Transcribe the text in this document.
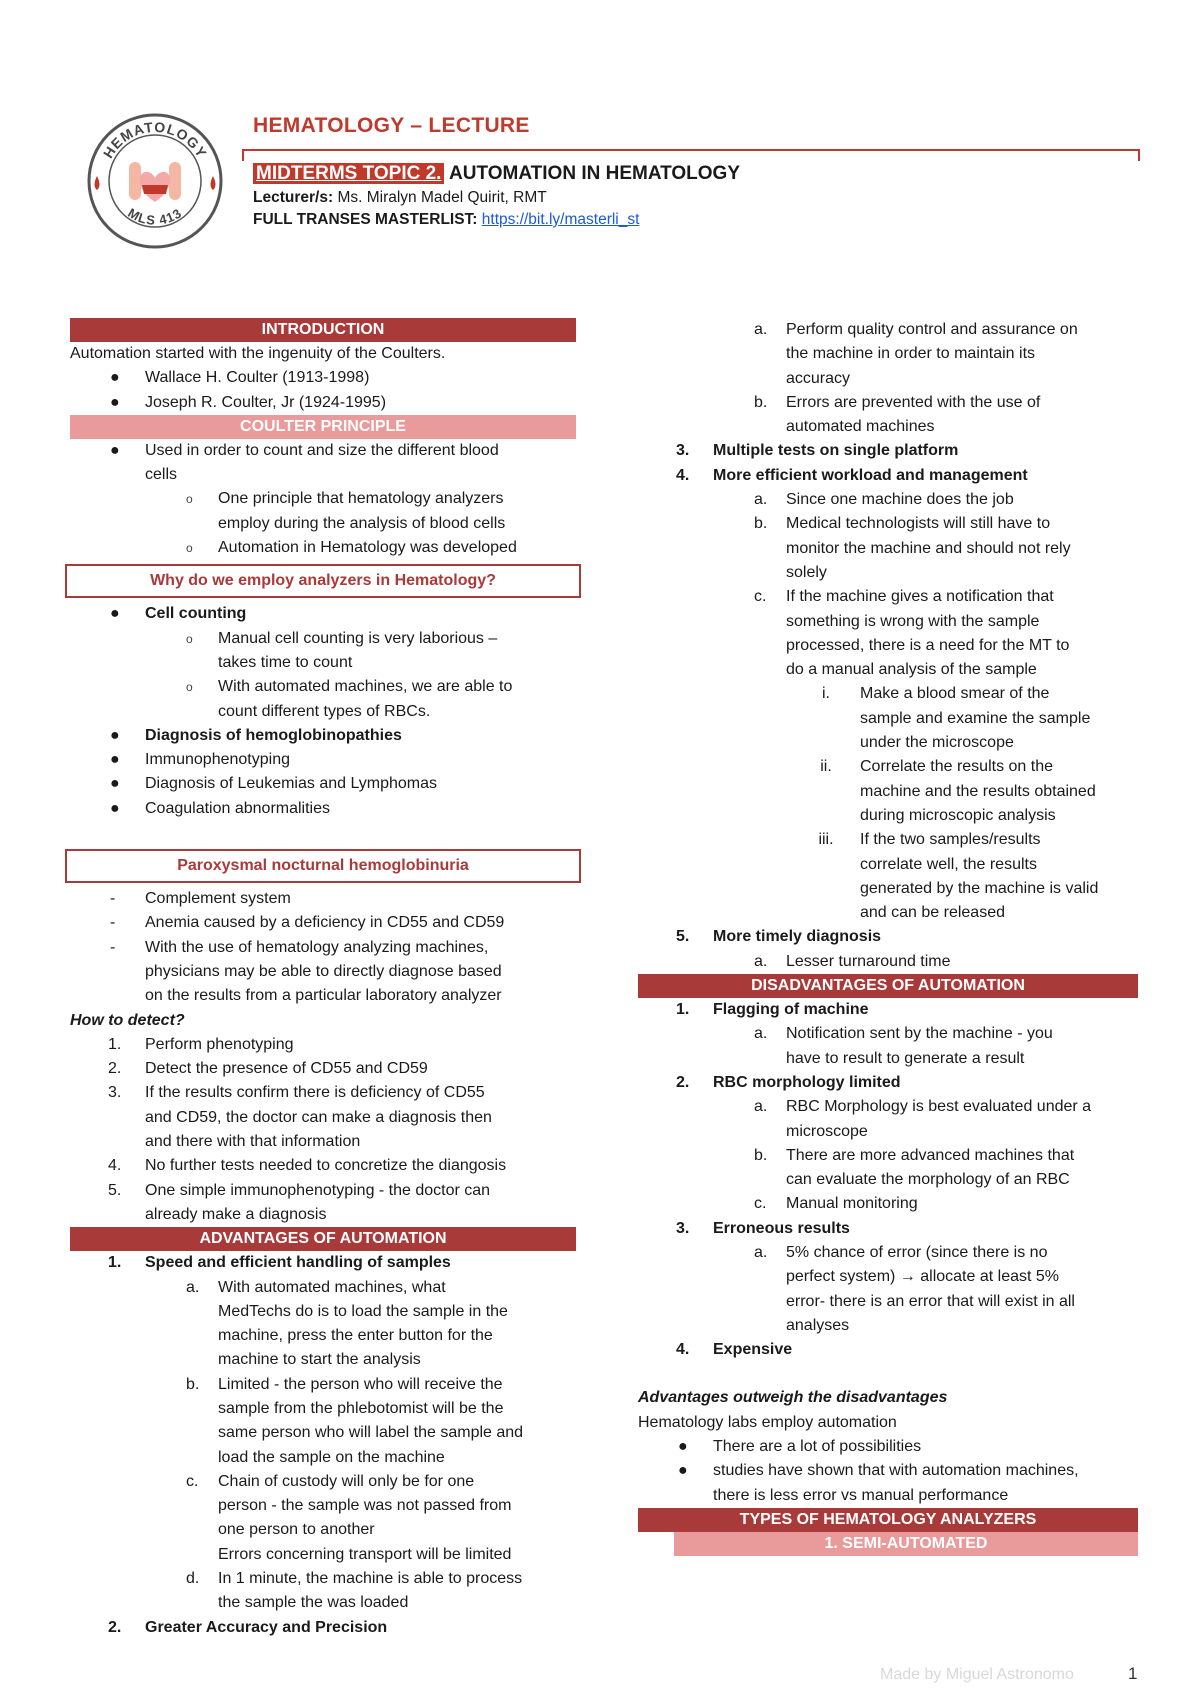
HEMATOLOGY
MLS 413
HEMATOLOGY – LECTURE
MIDTERMS TOPIC 2. AUTOMATION IN HEMATOLOGY
Lecturer/s: Ms. Miralyn Madel Quirit, RMT
FULL TRANSES MASTERLIST: https://bit.ly/masterli_st
INTRODUCTION
Automation started with the ingenuity of the Coulters.
● Wallace H. Coulter (1913-1998)
● Joseph R. Coulter, Jr (1924-1995)
COULTER PRINCIPLE
● Used in order to count and size the different blood
cells
ο One principle that hematology analyzers
employ during the analysis of blood cells
ο Automation in Hematology was developed
Why do we employ analyzers in Hematology?
● Cell counting
ο Manual cell counting is very laborious –
takes time to count
ο With automated machines, we are able to
count different types of RBCs.
● Diagnosis of hemoglobinopathies
● Immunophenotyping
● Diagnosis of Leukemias and Lymphomas
● Coagulation abnormalities
Paroxysmal nocturnal hemoglobinuria
- Complement system
- Anemia caused by a deficiency in CD55 and CD59
- With the use of hematology analyzing machines,
physicians may be able to directly diagnose based
on the results from a particular laboratory analyzer
How to detect?
1. Perform phenotyping
2. Detect the presence of CD55 and CD59
3. If the results confirm there is deficiency of CD55
and CD59, the doctor can make a diagnosis then
and there with that information
4. No further tests needed to concretize the diangosis
5. One simple immunophenotyping - the doctor can
already make a diagnosis
ADVANTAGES OF AUTOMATION
1. Speed and efficient handling of samples
a. With automated machines, what
MedTechs do is to load the sample in the
machine, press the enter button for the
machine to start the analysis
b. Limited - the person who will receive the
sample from the phlebotomist will be the
same person who will label the sample and
load the sample on the machine
c. Chain of custody will only be for one
person - the sample was not passed from
one person to another
Errors concerning transport will be limited
d. In 1 minute, the machine is able to process
the sample the was loaded
2. Greater Accuracy and Precision
a. Perform quality control and assurance on
the machine in order to maintain its
accuracy
b. Errors are prevented with the use of
automated machines
3. Multiple tests on single platform
4. More efficient workload and management
a. Since one machine does the job
b. Medical technologists will still have to
monitor the machine and should not rely
solely
c. If the machine gives a notification that
something is wrong with the sample
processed, there is a need for the MT to
do a manual analysis of the sample
i.	Make a blood smear of the
sample and examine the sample
under the microscope
ii.	Correlate the results on the
machine and the results obtained
during microscopic analysis
iii.	If the two samples/results
correlate well, the results
generated by the machine is valid
and can be released
5. More timely diagnosis
a. Lesser turnaround time
DISADVANTAGES OF AUTOMATION
1. Flagging of machine
a. Notification sent by the machine - you
have to result to generate a result
2. RBC morphology limited
a. RBC Morphology is best evaluated under a
microscope
b. There are more advanced machines that
can evaluate the morphology of an RBC
c. Manual monitoring
3. Erroneous results
a. 5% chance of error (since there is no
perfect system) → allocate at least 5%
error- there is an error that will exist in all
analyses
4. Expensive
Advantages outweigh the disadvantages
Hematology labs employ automation
● There are a lot of possibilities
● studies have shown that with automation machines,
there is less error vs manual performance
TYPES OF HEMATOLOGY ANALYZERS
1. SEMI-AUTOMATED
Made by Miguel Astronomo	1
